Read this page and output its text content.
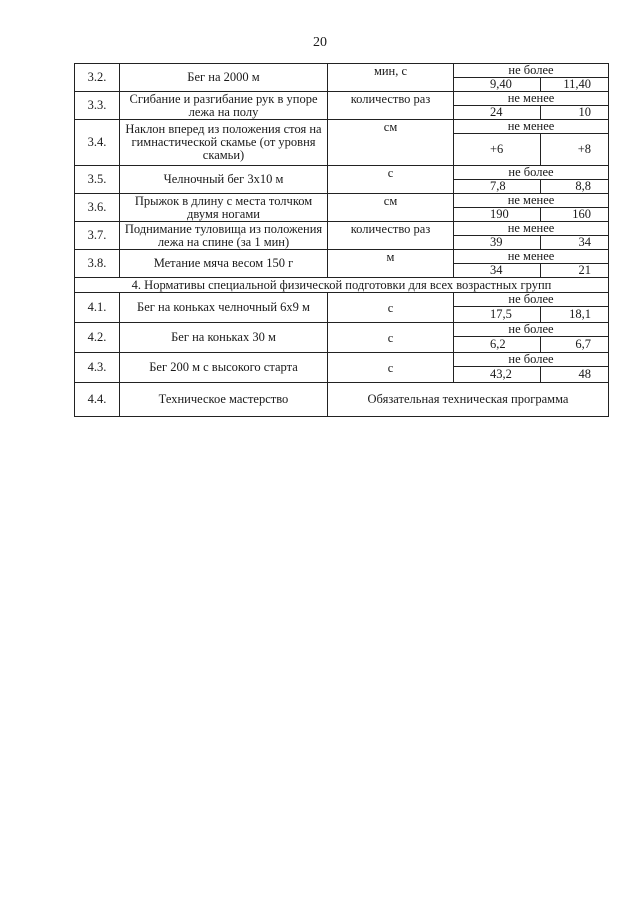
20
3.2.	Бег на 2000 м	мин, с	не более	
			9,40	11,40
3.3.	Сгибание и разгибание рук в упоре лежа на полу	количество раз	не менее	
			24	10
3.4.	Наклон вперед из положения стоя на гимнастической скамье (от уровня скамьи)	см	не менее	
			+6	+8
3.5.	Челночный бег 3х10 м	с	не более	
			7,8	8,8
3.6.	Прыжок в длину с места толчком двумя ногами	см	не менее	
			190	160
3.7.	Поднимание туловища из положения лежа на спине (за 1 мин)	количество раз	не менее	
			39	34
3.8.	Метание мяча весом 150 г	м	не менее	
			34	21
4. Нормативы специальной физической подготовки для всех возрастных групп				
4.1.	Бег на коньках челночный 6х9 м	с	не более	
			17,5	18,1
4.2.	Бег на коньках 30 м	с	не более	
			6,2	6,7
4.3.	Бег 200 м с высокого старта	с	не более	
			43,2	48
4.4.	Техническое мастерство	Обязательная техническая программа		
